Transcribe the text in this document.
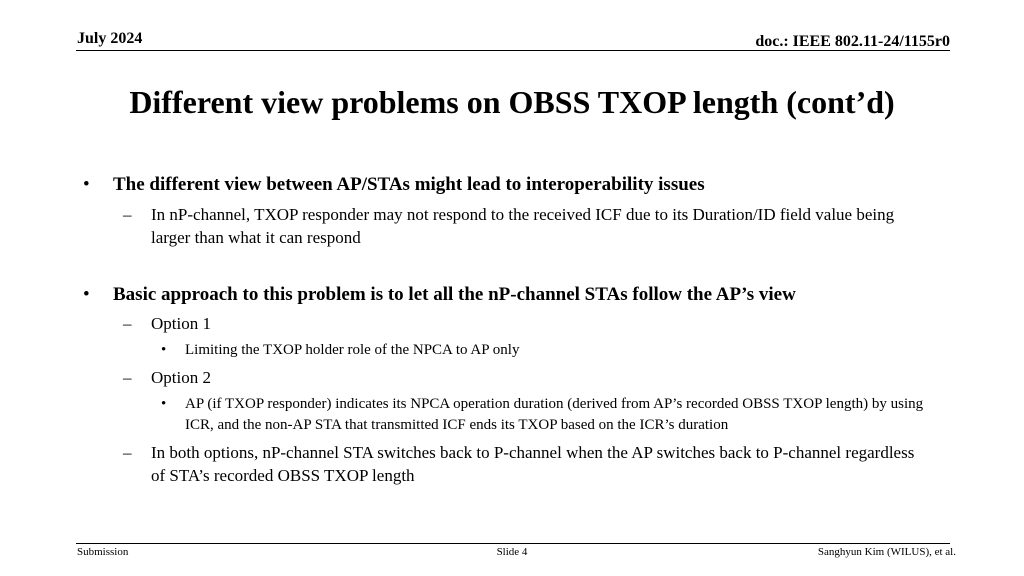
July 2024	doc.: IEEE 802.11-24/1155r0
Different view problems on OBSS TXOP length (cont’d)
• The different view between AP/STAs might lead to interoperability issues
– In nP-channel, TXOP responder may not respond to the received ICF due to its Duration/ID field value being larger than what it can respond
• Basic approach to this problem is to let all the nP-channel STAs follow the AP’s view
– Option 1
• Limiting the TXOP holder role of the NPCA to AP only
– Option 2
• AP (if TXOP responder) indicates its NPCA operation duration (derived from AP’s recorded OBSS TXOP length) by using ICR, and the non-AP STA that transmitted ICF ends its TXOP based on the ICR’s duration
– In both options, nP-channel STA switches back to P-channel when the AP switches back to P-channel regardless of STA’s recorded OBSS TXOP length
Submission	Slide 4	Sanghyun Kim (WILUS), et al.
